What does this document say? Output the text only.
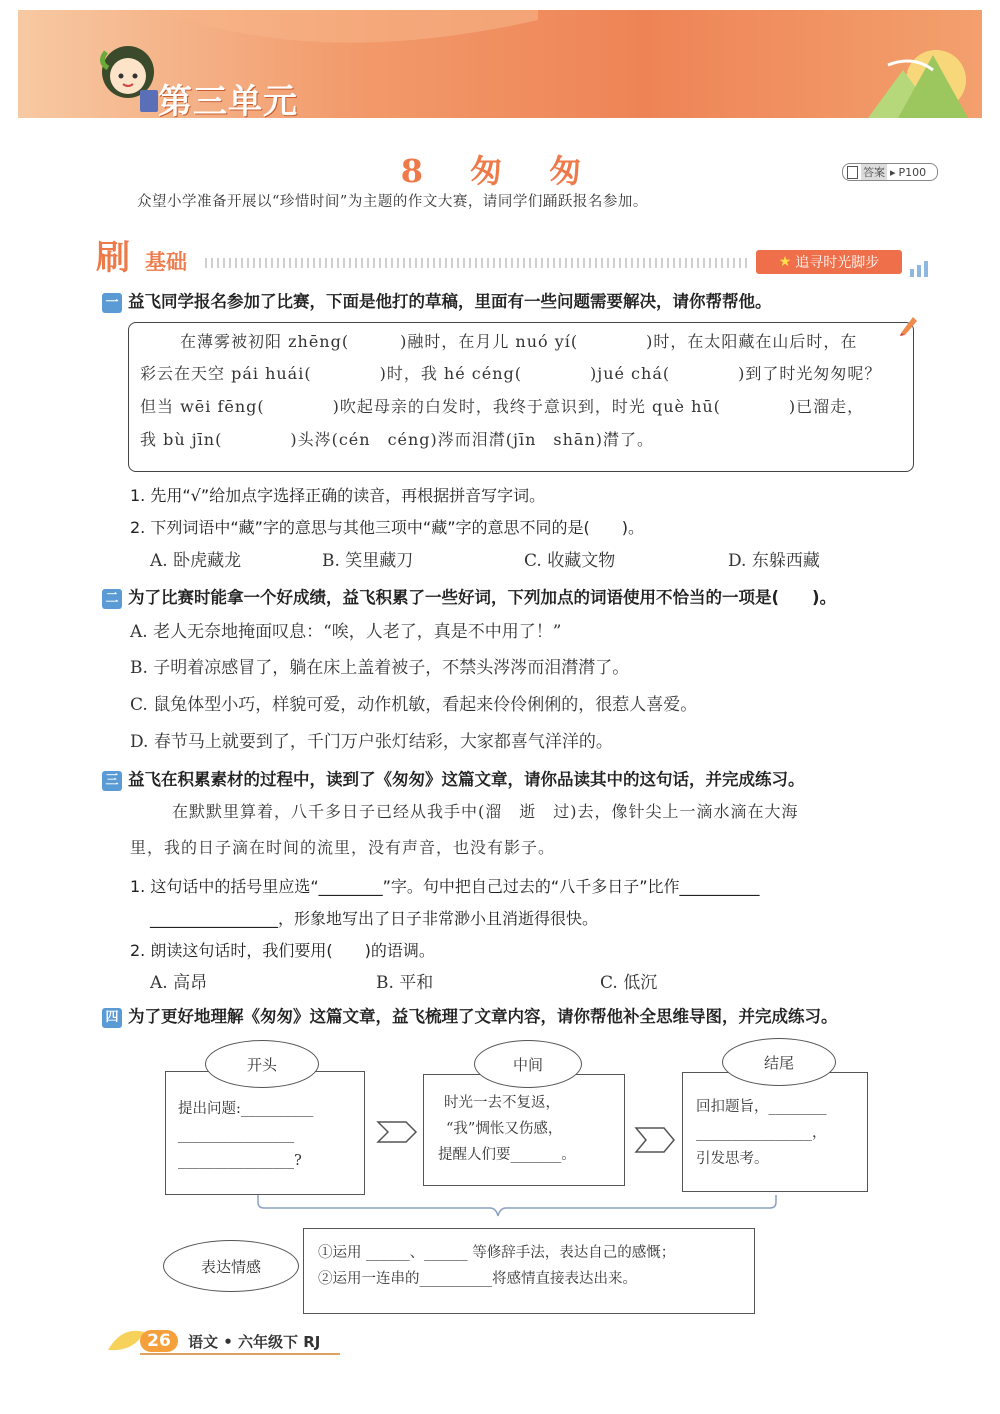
第三单元
8 匆 匆	答案 ▸ P100
众望小学准备开展以“珍惜时间”为主题的作文大赛，请同学们踊跃报名参加。
刷 基础	★ 追寻时光脚步
一 益飞同学报名参加了比赛，下面是他打的草稿，里面有一些问题需要解决，请你帮帮他。
在薄雾被初阳 zhēng(　　　)融时，在月儿 nuó yí(　　　　)时，在太阳藏在山后时，在
彩云在天空 pái huái(　　　　)时，我 hé céng(　　　　)jué chá(　　　　)到了时光匆匆呢？
但当 wēi fēng(　　　　)吹起母亲的白发时，我终于意识到，时光 què hū(　　　　)已溜走，
我 bù jīn(　　　　)头涔(cén　céng)涔而泪潸(jīn　shān)潸了。
1. 先用“√”给加点字选择正确的读音，再根据拼音写字词。
2. 下列词语中“藏”字的意思与其他三项中“藏”字的意思不同的是(　　)。
A. 卧虎藏龙	B. 笑里藏刀	C. 收藏文物	D. 东躲西藏
二 为了比赛时能拿一个好成绩，益飞积累了一些好词，下列加点的词语使用不恰当的一项是(　　)。
A. 老人无奈地掩面叹息：“唉，人老了，真是不中用了！”
B. 子明着凉感冒了，躺在床上盖着被子，不禁头涔涔而泪潸潸了。
C. 鼠兔体型小巧，样貌可爱，动作机敏，看起来伶伶俐俐的，很惹人喜爱。
D. 春节马上就要到了，千门万户张灯结彩，大家都喜气洋洋的。
三 益飞在积累素材的过程中，读到了《匆匆》这篇文章，请你品读其中的这句话，并完成练习。
在默默里算着，八千多日子已经从我手中(溜　逝　过)去，像针尖上一滴水滴在大海
里，我的日子滴在时间的流里，没有声音，也没有影子。
1. 这句话中的括号里应选“________”字。句中把自己过去的“八千多日子”比作__________
________________，形象地写出了日子非常渺小且消逝得很快。
2. 朗读这句话时，我们要用(　　)的语调。
A. 高昂	B. 平和	C. 低沉
四 为了更好地理解《匆匆》这篇文章，益飞梳理了文章内容，请你帮他补全思维导图，并完成练习。
开头
提出问题:__________
________________
________________?
中间
时光一去不复返，
“我”惆怅又伤感，
提醒人们要_______。
结尾
回扣题旨，________
________________，
引发思考。
表达情感
①运用 ______、______ 等修辞手法，表达自己的感慨；
②运用一连串的__________将感情直接表达出来。
26	语文 • 六年级下 RJ
